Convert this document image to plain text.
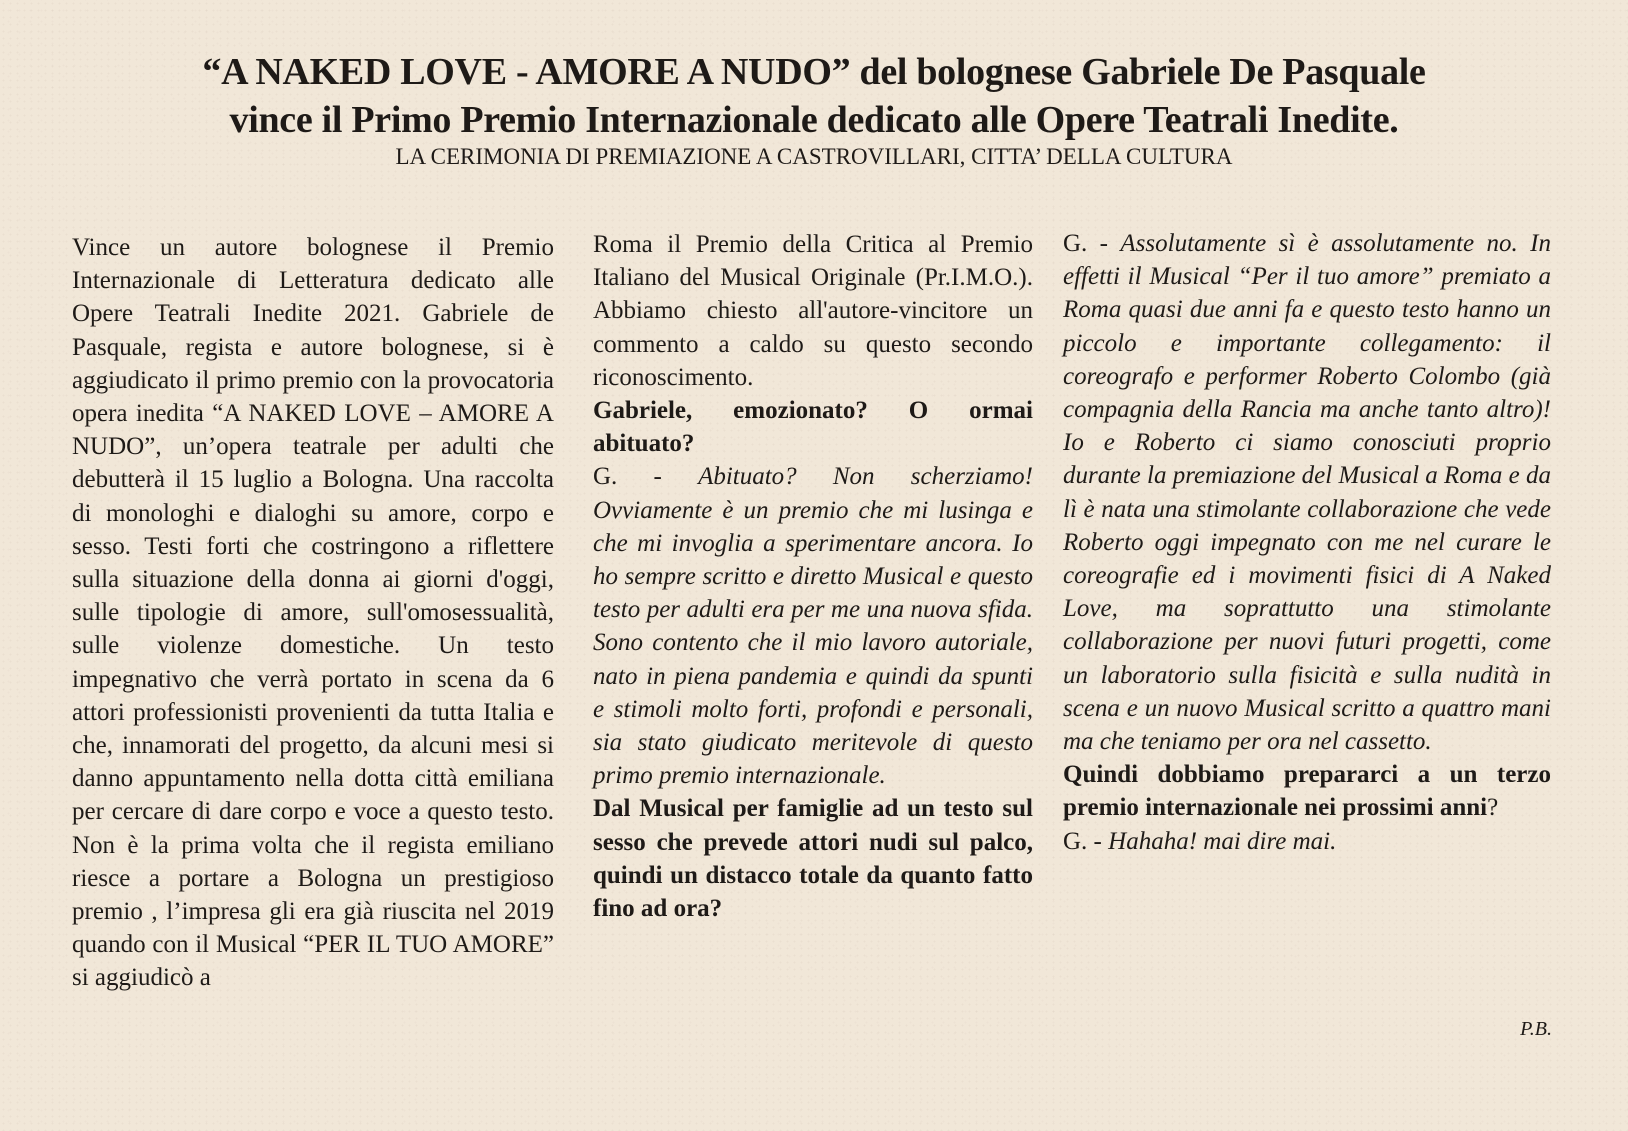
“A NAKED LOVE - AMORE A NUDO” del bolognese Gabriele De Pasquale
vince il Primo Premio Internazionale dedicato alle Opere Teatrali Inedite.
LA CERIMONIA DI PREMIAZIONE A CASTROVILLARI, CITTA’ DELLA CULTURA

Vince un autore bolognese il Premio Internazionale di Letteratura dedicato alle Opere Teatrali Inedite 2021. Gabriele de Pasquale, regista e autore bolognese, si è aggiudicato il primo premio con la provocatoria opera inedita “A NAKED LOVE – AMORE A NUDO”, un’opera teatrale per adulti che debutterà il 15 luglio a Bologna. Una raccolta di monologhi e dialoghi su amore, corpo e sesso. Testi forti che costringono a riflettere sulla situazione della donna ai giorni d'oggi, sulle tipologie di amore, sull'omosessualità, sulle violenze domestiche. Un testo impegnativo che verrà portato in scena da 6 attori professionisti provenienti da tutta Italia e che, innamorati del progetto, da alcuni mesi si danno appuntamento nella dotta città emiliana per cercare di dare corpo e voce a questo testo. Non è la prima volta che il regista emiliano riesce a portare a Bologna un prestigioso premio , l’impresa gli era già riuscita nel 2019 quando con il Musical “PER IL TUO AMORE” si aggiudicò a

Roma il Premio della Critica al Premio Italiano del Musical Originale (Pr.I.M.O.). Abbiamo chiesto all'autore-vincitore un commento a caldo su questo secondo riconoscimento.

Gabriele, emozionato? O ormai abituato?

G. - Abituato? Non scherziamo! Ovviamente è un premio che mi lusinga e che mi invoglia a sperimentare ancora. Io ho sempre scritto e diretto Musical e questo testo per adulti era per me una nuova sfida. Sono contento che il mio lavoro autoriale, nato in piena pandemia e quindi da spunti e stimoli molto forti, profondi e personali, sia stato giudicato meritevole di questo primo premio internazionale.

Dal Musical per famiglie ad un testo sul sesso che prevede attori nudi sul palco, quindi un distacco totale da quanto fatto fino ad ora?

G. - Assolutamente sì è assolutamente no. In effetti il Musical “Per il tuo amore” premiato a Roma quasi due anni fa e questo testo hanno un piccolo e importante collegamento: il coreografo e performer Roberto Colombo (già compagnia della Rancia ma anche tanto altro)! Io e Roberto ci siamo conosciuti proprio durante la premiazione del Musical a Roma e da lì è nata una stimolante collaborazione che vede Roberto oggi impegnato con me nel curare le coreografie ed i movimenti fisici di A Naked Love, ma soprattutto una stimolante collaborazione per nuovi futuri progetti, come un laboratorio sulla fisicità e sulla nudità in scena e un nuovo Musical scritto a quattro mani ma che teniamo per ora nel cassetto.

Quindi dobbiamo prepararci a un terzo premio internazionale nei prossimi anni?

G. - Hahaha! mai dire mai.

P.B.
